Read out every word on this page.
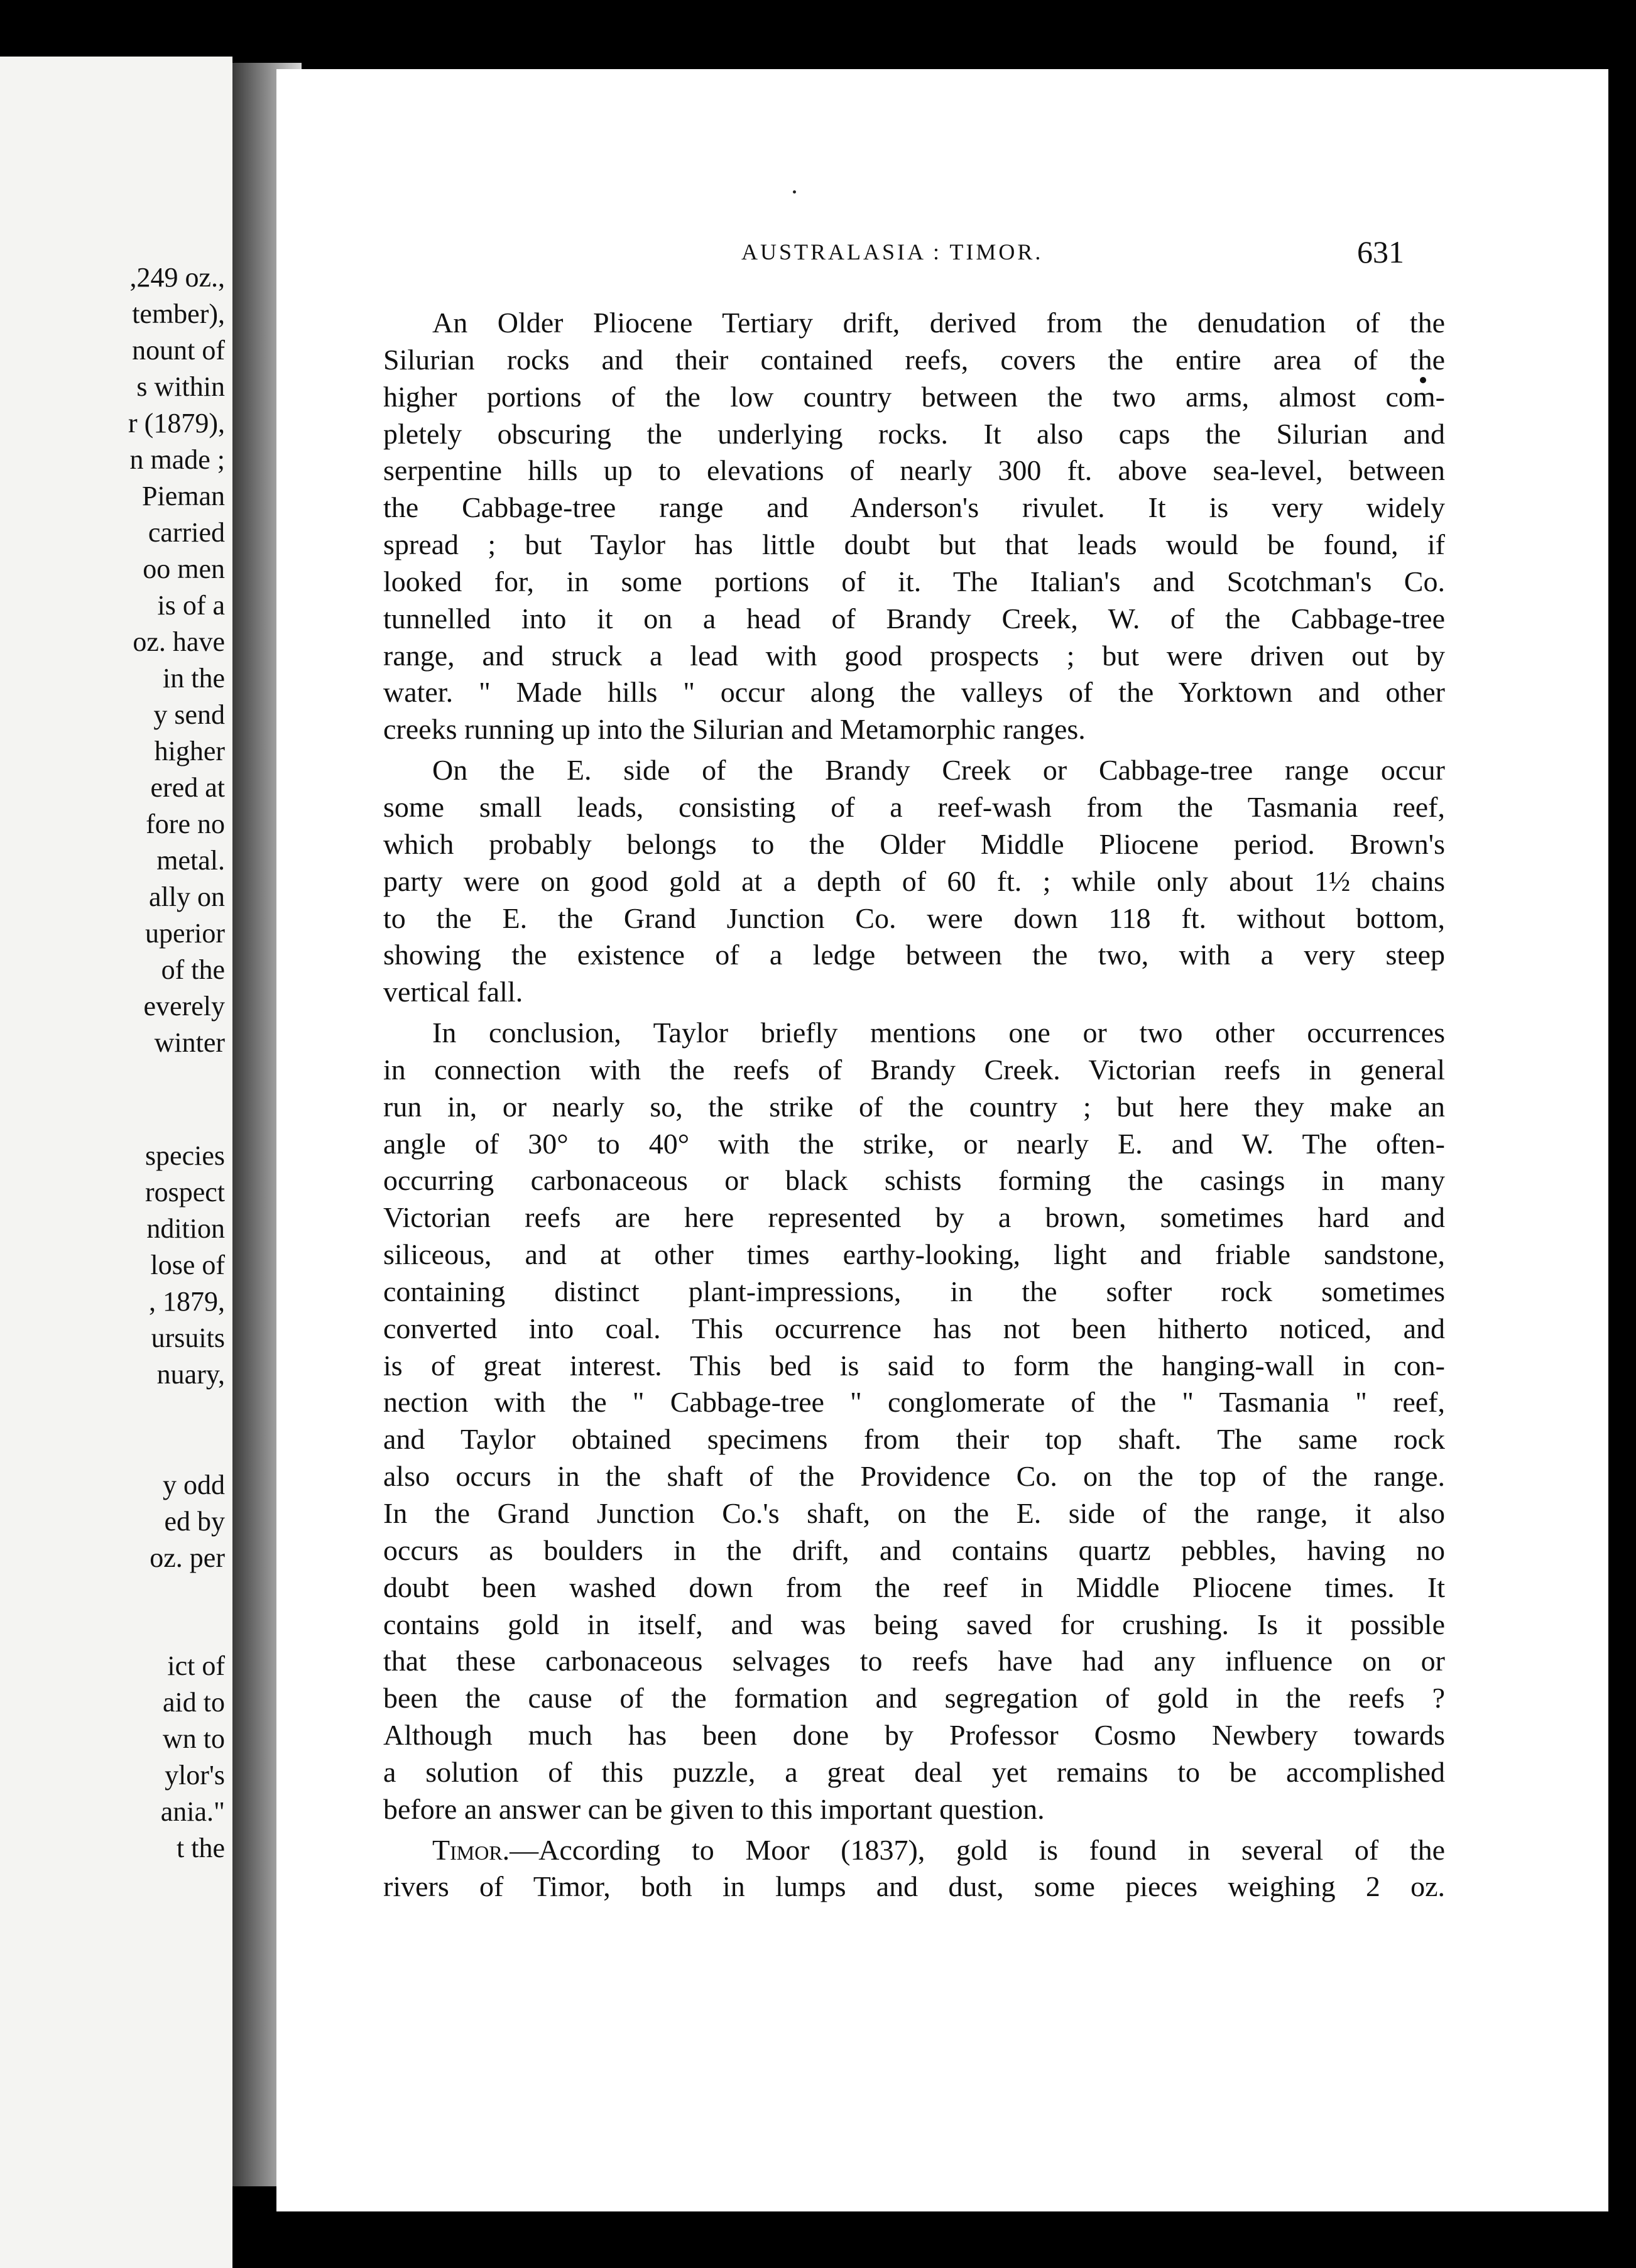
,249 oz.,
tember),
nount of
s within
r (1879),
n made ;
Pieman
carried
oo men
is of a
oz. have
in the
y send
higher
ered at
fore no
metal.
ally on
uperior
of the
everely
winter
species
rospect
ndition
lose of
, 1879,
ursuits
nuary,
y odd
ed by
oz. per
ict of
aid to
wn to
ylor's
ania."
t the
AUSTRALASIA : TIMOR.	631
An Older Pliocene Tertiary drift, derived from the denudation of the
Silurian rocks and their contained reefs, covers the entire area of the
higher portions of the low country between the two arms, almost com-
pletely obscuring the underlying rocks. It also caps the Silurian and
serpentine hills up to elevations of nearly 300 ft. above sea-level, between
the Cabbage-tree range and Anderson's rivulet. It is very widely
spread ; but Taylor has little doubt but that leads would be found, if
looked for, in some portions of it. The Italian's and Scotchman's Co.
tunnelled into it on a head of Brandy Creek, W. of the Cabbage-tree
range, and struck a lead with good prospects ; but were driven out by
water. " Made hills " occur along the valleys of the Yorktown and other
creeks running up into the Silurian and Metamorphic ranges.
On the E. side of the Brandy Creek or Cabbage-tree range occur
some small leads, consisting of a reef-wash from the Tasmania reef,
which probably belongs to the Older Middle Pliocene period. Brown's
party were on good gold at a depth of 60 ft. ; while only about 1½ chains
to the E. the Grand Junction Co. were down 118 ft. without bottom,
showing the existence of a ledge between the two, with a very steep
vertical fall.
In conclusion, Taylor briefly mentions one or two other occurrences
in connection with the reefs of Brandy Creek. Victorian reefs in general
run in, or nearly so, the strike of the country ; but here they make an
angle of 30° to 40° with the strike, or nearly E. and W. The often-
occurring carbonaceous or black schists forming the casings in many
Victorian reefs are here represented by a brown, sometimes hard and
siliceous, and at other times earthy-looking, light and friable sandstone,
containing distinct plant-impressions, in the softer rock sometimes
converted into coal. This occurrence has not been hitherto noticed, and
is of great interest. This bed is said to form the hanging-wall in con-
nection with the " Cabbage-tree " conglomerate of the " Tasmania " reef,
and Taylor obtained specimens from their top shaft. The same rock
also occurs in the shaft of the Providence Co. on the top of the range.
In the Grand Junction Co.'s shaft, on the E. side of the range, it also
occurs as boulders in the drift, and contains quartz pebbles, having no
doubt been washed down from the reef in Middle Pliocene times. It
contains gold in itself, and was being saved for crushing. Is it possible
that these carbonaceous selvages to reefs have had any influence on or
been the cause of the formation and segregation of gold in the reefs ?
Although much has been done by Professor Cosmo Newbery towards
a solution of this puzzle, a great deal yet remains to be accomplished
before an answer can be given to this important question.
Timor.—According to Moor (1837), gold is found in several of the
rivers of Timor, both in lumps and dust, some pieces weighing 2 oz.
